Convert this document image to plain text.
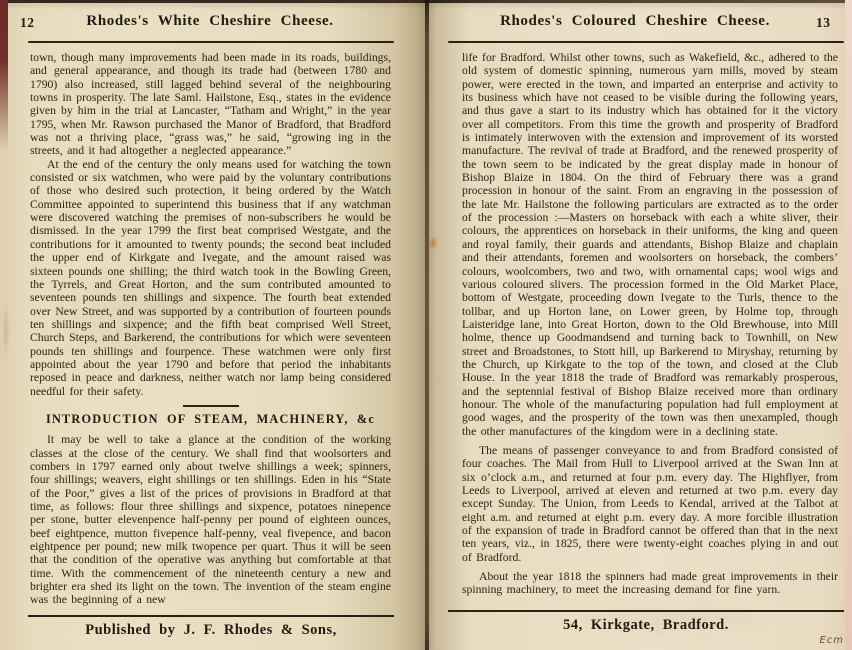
12	Rhodes's White Cheshire Cheese.

town, though many improvements had been made in its roads, buildings, and general appearance, and though its trade had (between 1780 and 1790) also increased, still lagged behind several of the neighbouring towns in prosperity. The late Saml. Hailstone, Esq., states in the evidence given by him in the trial at Lancaster, “Tatham and Wright,” in the year 1795, when Mr. Rawson purchased the Manor of Bradford, that Bradford was not a thriving place, “grass was,” he said, “growing ing in the streets, and it had altogether a neglected appearance.”

At the end of the century the only means used for watching the town consisted or six watchmen, who were paid by the voluntary contributions of those who desired such protection, it being ordered by the Watch Committee appointed to superintend this business that if any watchman were discovered watching the premises of non-subscribers he would be dismissed. In the year 1799 the first beat comprised Westgate, and the contributions for it amounted to twenty pounds; the second beat included the upper end of Kirkgate and Ivegate, and the amount raised was sixteen pounds one shilling; the third watch took in the Bowling Green, the Tyrrels, and Great Horton, and the sum contributed amounted to seventeen pounds ten shillings and sixpence. The fourth beat extended over New Street, and was supported by a contribution of fourteen pounds ten shillings and sixpence; and the fifth beat comprised Well Street, Church Steps, and Barkerend, the contributions for which were seventeen pounds ten shillings and fourpence. These watchmen were only first appointed about the year 1790 and before that period the inhabitants reposed in peace and darkness, neither watch nor lamp being considered needful for their safety.

INTRODUCTION OF STEAM, MACHINERY, &c

It may be well to take a glance at the condition of the working classes at the close of the century. We shall find that woolsorters and combers in 1797 earned only about twelve shillings a week; spinners, four shillings; weavers, eight shillings or ten shillings. Eden in his “State of the Poor,” gives a list of the prices of provisions in Bradford at that time, as follows: flour three shillings and sixpence, potatoes ninepence per stone, butter elevenpence half-penny per pound of eighteen ounces, beef eightpence, mutton fivepence half-penny, veal fivepence, and bacon eightpence per pound; new milk twopence per quart. Thus it will be seen that the condition of the operative was anything but comfortable at that time. With the commencement of the nineteenth century a new and brighter era shed its light on the town. The invention of the steam engine was the beginning of a new

Published by J. F. Rhodes & Sons,
Rhodes's Coloured Cheshire Cheese.	13

life for Bradford. Whilst other towns, such as Wakefield, &c., adhered to the old system of domestic spinning, numerous yarn mills, moved by steam power, were erected in the town, and imparted an enterprise and activity to its business which have not ceased to be visible during the following years, and thus gave a start to its industry which has obtained for it the victory over all competitors. From this time the growth and prosperity of Bradford is intimately interwoven with the extension and improvement of its worsted manufacture. The revival of trade at Bradford, and the renewed prosperity of the town seem to be indicated by the great display made in honour of Bishop Blaize in 1804. On the third of February there was a grand procession in honour of the saint. From an engraving in the possession of the late Mr. Hailstone the following particulars are extracted as to the order of the procession :—Masters on horseback with each a white sliver, their colours, the apprentices on horseback in their uniforms, the king and queen and royal family, their guards and attendants, Bishop Blaize and chaplain and their attendants, foremen and woolsorters on horseback, the combers’ colours, woolcombers, two and two, with ornamental caps; wool wigs and various coloured slivers. The procession formed in the Old Market Place, bottom of Westgate, proceeding down Ivegate to the Turls, thence to the tollbar, and up Horton lane, on Lower green, by Holme top, through Laisteridge lane, into Great Horton, down to the Old Brewhouse, into Mill holme, thence up Goodmandsend and turning back to Townhill, on New street and Broadstones, to Stott hill, up Barkerend to Miryshay, returning by the Church, up Kirkgate to the top of the town, and closed at the Club House. In the year 1818 the trade of Bradford was remarkably prosperous, and the septennial festival of Bishop Blaize received more than ordinary honour. The whole of the manufacturing population had full employment at good wages, and the prosperity of the town was then unexampled, though the other manufactures of the kingdom were in a declining state.

The means of passenger conveyance to and from Bradford consisted of four coaches. The Mail from Hull to Liverpool arrived at the Swan Inn at six o’clock a.m., and returned at four p.m. every day. The Highflyer, from Leeds to Liverpool, arrived at eleven and returned at two p.m. every day except Sunday. The Union, from Leeds to Kendal, arrived at the Talbot at eight a.m. and returned at eight p.m. every day. A more forcible illustration of the expansion of trade in Bradford cannot be offered than that in the next ten years, viz., in 1825, there were twenty-eight coaches plying in and out of Bradford.

About the year 1818 the spinners had made great improvements in their spinning machinery, to meet the increasing demand for fine yarn.

54, Kirkgate, Bradford.
Ecm
